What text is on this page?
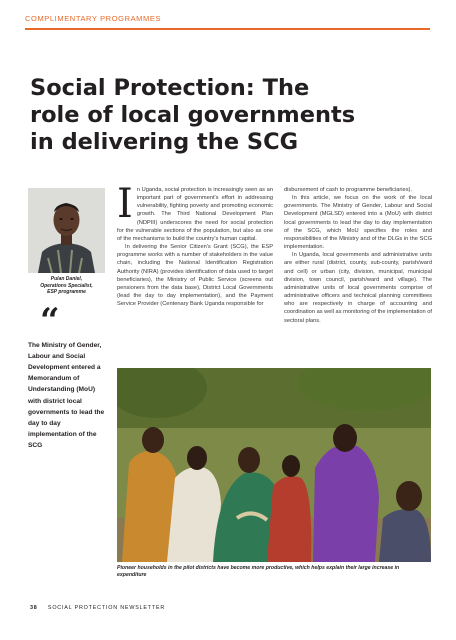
COMPLIMENTARY PROGRAMMES
Social Protection: The
role of local governments
in delivering the SCG
Pulan Daniel,
Operations Specialist,
ESP programme
“
The Ministry of Gender, Labour and Social Development entered a Memorandum of Understanding (MoU) with district local governments to lead the day to day implementation of the SCG

In Uganda, social protection is increasingly seen as an important part of government's effort in addressing vulnerability, fighting poverty and promoting economic growth. The Third National Development Plan (NDPIII) underscores the need for social protection for the vulnerable sections of the population, but also as one of the mechanisms to build the country's human capital.

In delivering the Senior Citizen's Grant (SCG), the ESP programme works with a number of stakeholders in the value chain, including the National Identification Registration Authority (NIRA) (provides identification of data used to target beneficiaries), the Ministry of Public Service (screens out pensioners from the data base), District Local Governments (lead the day to day implementation), and the Payment Service Provider (Centenary Bank Uganda responsible for

disbursement of cash to programme beneficiaries).

In this article, we focus on the work of the local governments. The Ministry of Gender, Labour and Social Development (MGLSD) entered into a (MoU) with district local governments to lead the day to day implementation of the SCG, which MoU specifies the roles and responsibilities of the Ministry and of the DLGs in the SCG implementation.

In Uganda, local governments and administrative units are either rural (district, county, sub-county, parish/ward and cell) or urban (city, division, municipal, municipal division, town council, parish/ward and village). The administrative units of local governments comprise of administrative officers and technical planning committees who are respectively in charge of accounting and coordination as well as monitoring of the implementation of sectoral plans.

Pioneer households in the pilot districts have become more productive, which helps explain their large increase in expenditure
38 SOCIAL PROTECTION NEWSLETTER
